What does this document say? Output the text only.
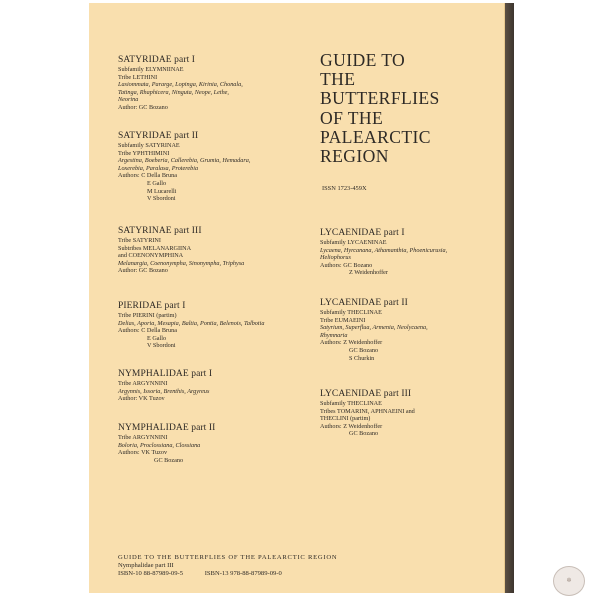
GUIDE TO
THE
BUTTERFLIES
OF THE
PALEARCTIC
REGION
ISSN 1723-459X
SATYRIDAE part I
Subfamily ELYMNIINAE
Tribe LETHINI
Lasiommata, Pararge, Lopinga, Kirinia, Chonala,
Tatinga, Rhaphicera, Ninguta, Neope, Lethe,
Neorina
Author: GC Bozano
SATYRIDAE part II
Subfamily SATYRINAE
Tribe YPHTHIMINI
Argestina, Boeberia, Callerebia, Grumia, Hemadara,
Loxerebia, Paralasa, Proterebia
Authors: C Della Bruna
E Gallo
M Lucarelli
V Sbordoni
SATYRINAE part III
Tribe SATYRINI
Subtribes MELANARGIINA
and COENONYMPHINA
Melanargia, Coenonympha, Sinonympha, Triphysa
Author: GC Bozano
PIERIDAE part I
Tribe PIERINI (partim)
Delias, Aporia, Mesapia, Baltia, Pontia, Belenois, Talbotia
Authors: C Della Bruna
E Gallo
V Sbordoni
NYMPHALIDAE part I
Tribe ARGYNNINI
Argynnis, Issoria, Brenthis, Argyreus
Author: VK Tuzov
NYMPHALIDAE part II
Tribe ARGYNNINI
Boloria, Proclossiana, Clossiana
Authors: VK Tuzov
GC Bozano
LYCAENIDAE part I
Subfamily LYCAENINAE
Lycaena, Hyrcanana, Athamanthia, Phoenicurusia,
Heliophorus
Authors: GC Bozano
Z Weidenhoffer
LYCAENIDAE part II
Subfamily THECLINAE
Tribe EUMAEINI
Satyrium, Superflua, Armenia, Neolycaena,
Rhymnaria
Authors: Z Weidenhoffer
GC Bozano
S Churkin
LYCAENIDAE part III
Subfamily THECLINAE
Tribes TOMARINI, APHNAEINI and
THECLINI (partim)
Authors: Z Weidenhoffer
GC Bozano
GUIDE TO THE BUTTERFLIES OF THE PALEARCTIC REGION
Nymphalidae part III
ISBN-10 88-87989-09-5	ISBN-13 978-88-87989-09-0
✽
